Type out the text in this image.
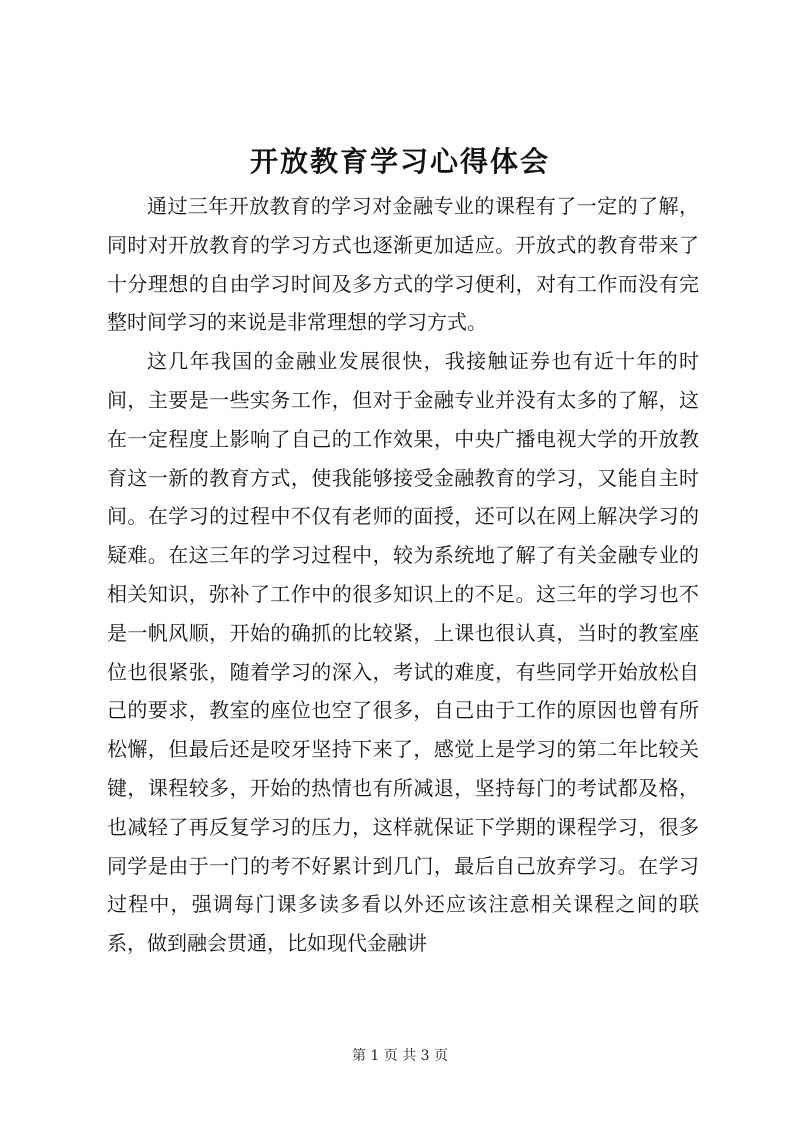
开放教育学习心得体会

通过三年开放教育的学习对金融专业的课程有了一定的了解，同时对开放教育的学习方式也逐渐更加适应。开放式的教育带来了十分理想的自由学习时间及多方式的学习便利，对有工作而没有完整时间学习的来说是非常理想的学习方式。

这几年我国的金融业发展很快，我接触证券也有近十年的时间，主要是一些实务工作，但对于金融专业并没有太多的了解，这在一定程度上影响了自己的工作效果，中央广播电视大学的开放教育这一新的教育方式，使我能够接受金融教育的学习，又能自主时间。在学习的过程中不仅有老师的面授，还可以在网上解决学习的疑难。在这三年的学习过程中，较为系统地了解了有关金融专业的相关知识，弥补了工作中的很多知识上的不足。这三年的学习也不是一帆风顺，开始的确抓的比较紧，上课也很认真，当时的教室座位也很紧张，随着学习的深入，考试的难度，有些同学开始放松自己的要求，教室的座位也空了很多，自己由于工作的原因也曾有所松懈，但最后还是咬牙坚持下来了，感觉上是学习的第二年比较关键，课程较多，开始的热情也有所减退，坚持每门的考试都及格，也减轻了再反复学习的压力，这样就保证下学期的课程学习，很多同学是由于一门的考不好累计到几门，最后自己放弃学习。在学习过程中，强调每门课多读多看以外还应该注意相关课程之间的联系，做到融会贯通，比如现代金融讲

第 1 页 共 3 页
